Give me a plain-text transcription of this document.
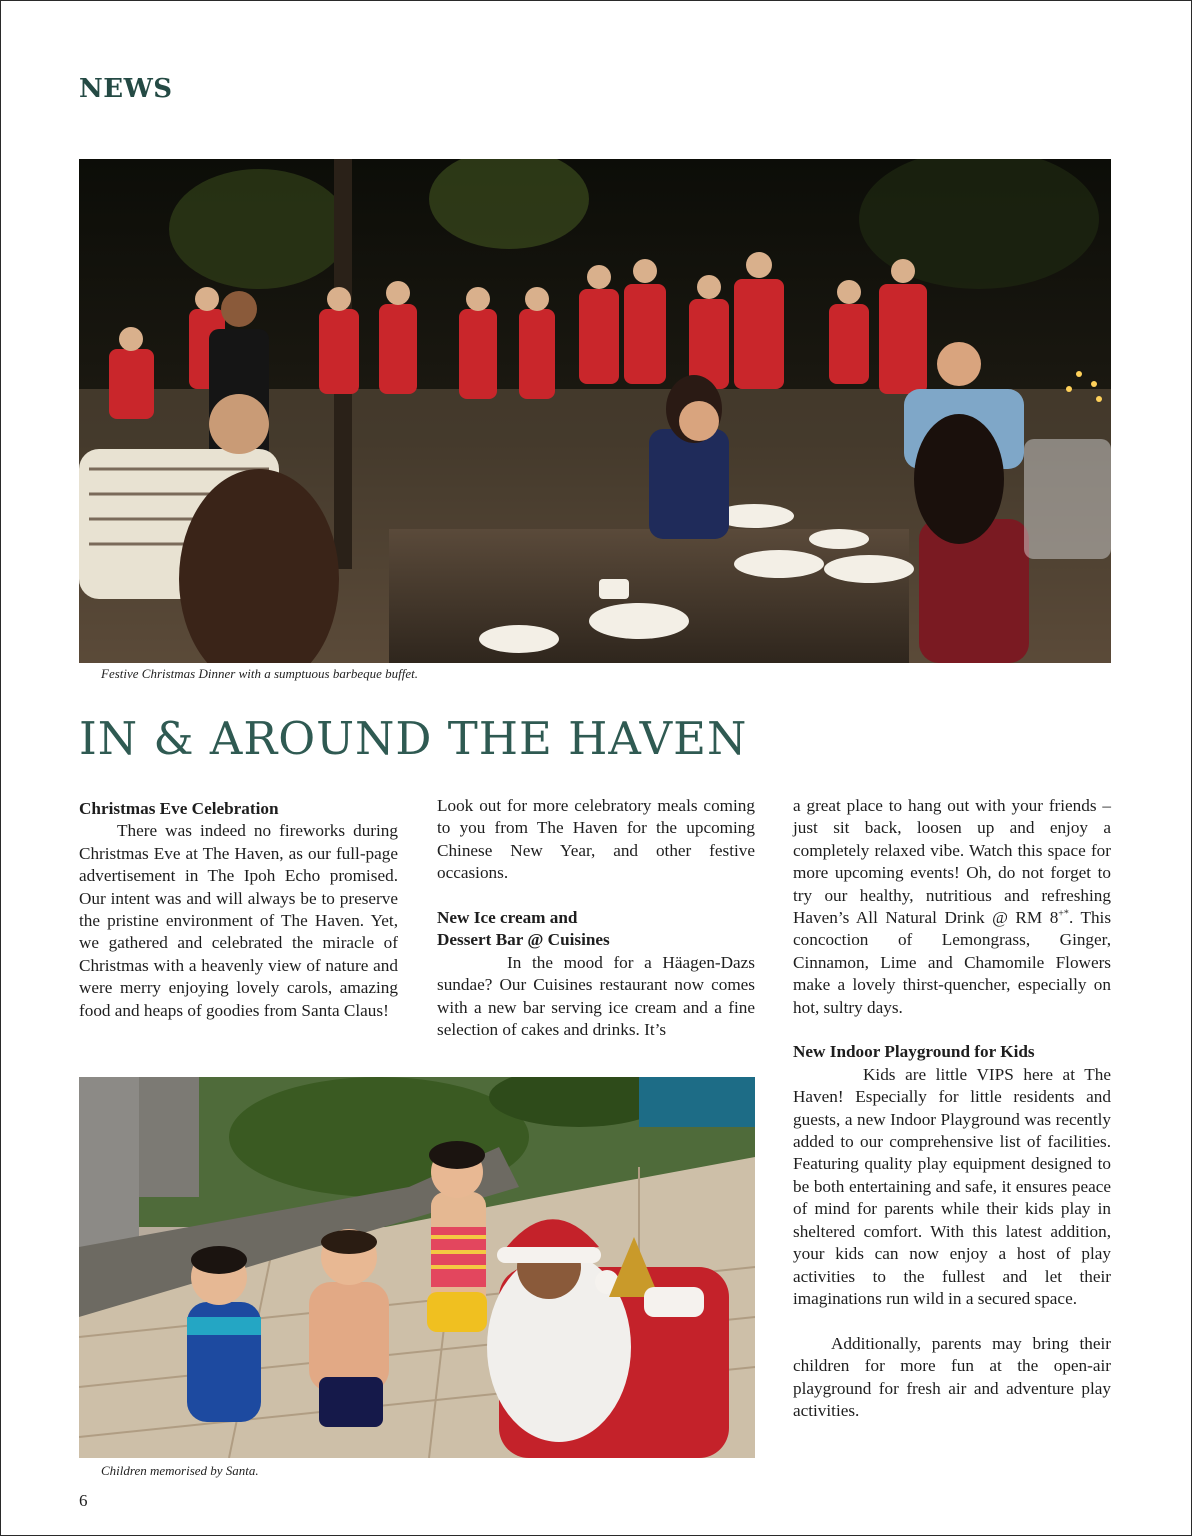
NEWS
Festive Christmas Dinner with a sumptuous barbeque buffet.
IN & AROUND THE HAVEN
Christmas Eve Celebration

There was indeed no fireworks during Christmas Eve at The Haven, as our full-page advertisement in The Ipoh Echo promised. Our intent was and will always be to preserve the pristine environment of The Haven. Yet, we gathered and celebrated the miracle of Christmas with a heavenly view of nature and were merry enjoying lovely carols, amazing food and heaps of goodies from Santa Claus!

Look out for more celebratory meals coming to you from The Haven for the upcoming Chinese New Year, and other festive occasions.

New Ice cream and
Dessert Bar @ Cuisines

In the mood for a Häagen-Dazs sundae? Our Cuisines restaurant now comes with a new bar serving ice cream and a fine selection of cakes and drinks. It’s

a great place to hang out with your friends – just sit back, loosen up and enjoy a completely relaxed vibe. Watch this space for more upcoming events! Oh, do not forget to try our healthy, nutritious and refreshing Haven’s All Natural Drink @ RM 8+*. This concoction of Lemongrass, Ginger, Cinnamon, Lime and Chamomile Flowers make a lovely thirst-quencher, especially on hot, sultry days.

New Indoor Playground for Kids

Kids are little VIPS here at The Haven! Especially for little residents and guests, a new Indoor Playground was recently added to our comprehensive list of facilities. Featuring quality play equipment designed to be both entertaining and safe, it ensures peace of mind for parents while their kids play in sheltered comfort. With this latest addition, your kids can now enjoy a host of play activities to the fullest and let their imaginations run wild in a secured space.

Additionally, parents may bring their children for more fun at the open-air playground for fresh air and adventure play activities.

Children memorised by Santa.
6
